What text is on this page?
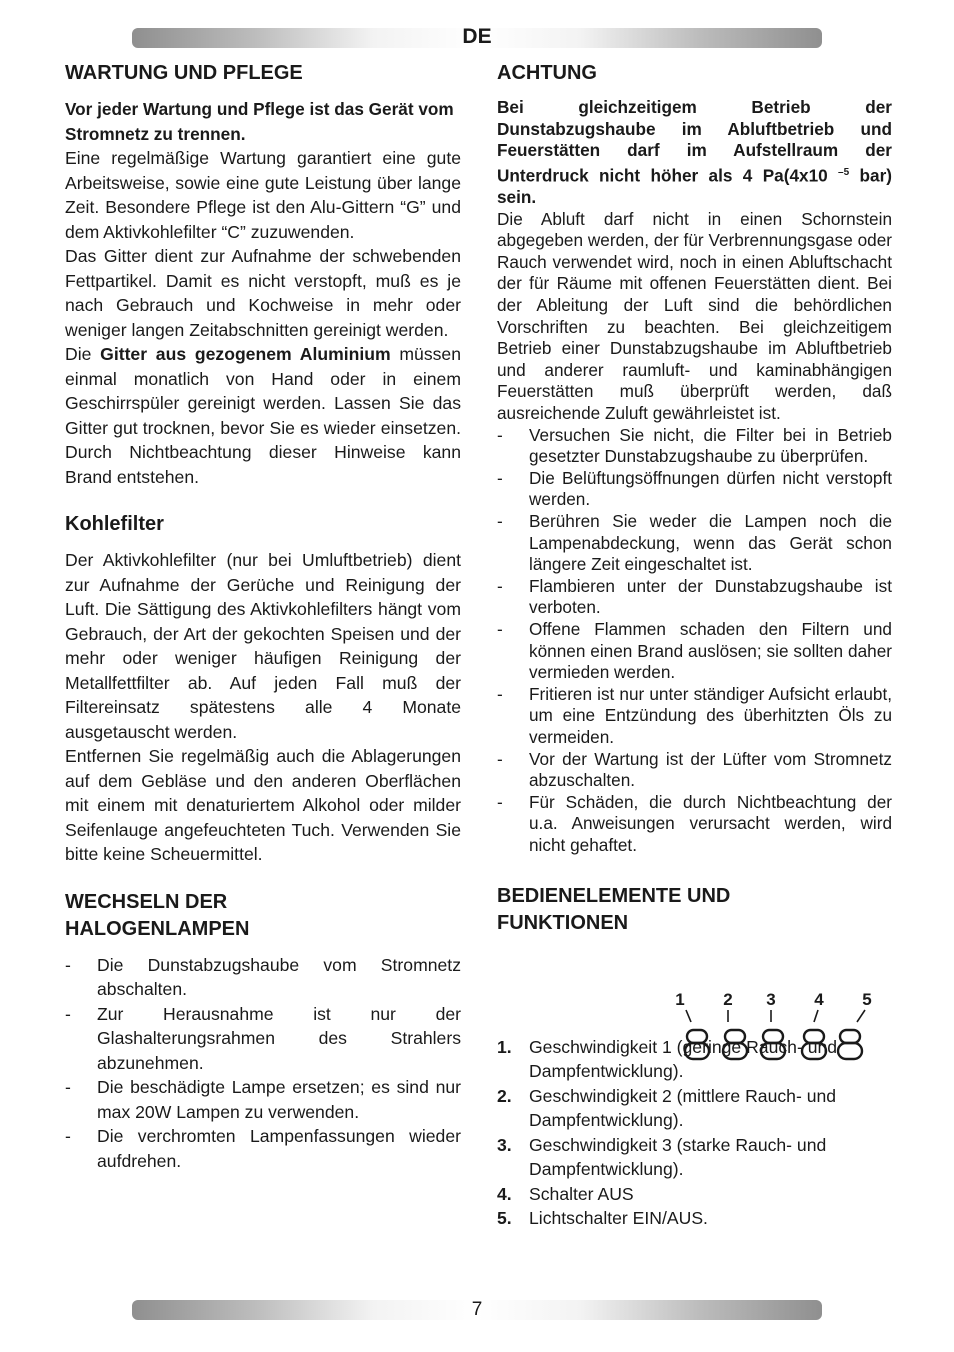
DE
WARTUNG UND PFLEGE

Vor jeder Wartung und Pflege ist das Gerät vom Stromnetz zu trennen.

Eine regelmäßige Wartung garantiert eine gute Arbeitsweise, sowie eine gute Leistung über lange Zeit. Besondere Pflege ist den Alu-Gittern “G” und dem Aktivkohlefilter “C” zuzuwenden.

Das Gitter dient zur Aufnahme der schwebenden Fettpartikel. Damit es nicht verstopft, muß es je nach Gebrauch und Kochweise in mehr oder weniger langen Zeitabschnitten gereinigt werden.

Die Gitter aus gezogenem Aluminium müssen einmal monatlich von Hand oder in einem Geschirrspüler gereinigt werden. Lassen Sie das Gitter gut trocknen, bevor Sie es wieder einsetzen. Durch Nichtbeachtung dieser Hinweise kann Brand entstehen.

Kohlefilter

Der Aktivkohlefilter (nur bei Umluftbetrieb) dient zur Aufnahme der Gerüche und Reinigung der Luft. Die Sättigung des Aktivkohlefilters hängt vom Gebrauch, der Art der gekochten Speisen und der mehr oder weniger häufigen Reinigung der Metallfettfilter ab. Auf jeden Fall muß der Filtereinsatz spätestens alle 4 Monate ausgetauscht werden.

Entfernen Sie regelmäßig auch die Ablagerungen auf dem Gebläse und den anderen Oberflächen mit einem mit denaturiertem Alkohol oder milder Seifenlauge angefeuchteten Tuch. Verwenden Sie bitte keine Scheuermittel.

WECHSELN DER HALOGENLAMPEN
- Die Dunstabzugshaube vom Stromnetz abschalten.
- Zur Herausnahme ist nur der Glashalterungsrahmen des Strahlers abzunehmen.
- Die beschädigte Lampe ersetzen; es sind nur max 20W Lampen zu verwenden.
- Die verchromten Lampenfassungen wieder aufdrehen.
ACHTUNG

Bei gleichzeitigem Betrieb der Dunstabzugshaube im Abluftbetrieb und Feuerstätten darf im Aufstellraum der Unterdruck nicht höher als 4 Pa(4x10 $^{-5}$ bar) sein.

Die Abluft darf nicht in einen Schornstein abgegeben werden, der für Verbrennungsgase oder Rauch verwendet wird, noch in einen Abluftschacht der für Räume mit offenen Feuerstätten dient. Bei der Ableitung der Luft sind die behördlichen Vorschriften zu beachten. Bei gleichzeitigem Betrieb einer Dunstabzugshaube im Abluftbetrieb und anderer raumluft- und kaminabhängigen Feuerstätten muß überprüft werden, daß ausreichende Zuluft gewährleistet ist.

- Versuchen Sie nicht, die Filter bei in Betrieb gesetzter Dunstabzugshaube zu überprüfen.
- Die Belüftungsöffnungen dürfen nicht verstopft werden.
- Berühren Sie weder die Lampen noch die Lampenabdeckung, wenn das Gerät schon längere Zeit eingeschaltet ist.
- Flambieren unter der Dunstabzugshaube ist verboten.
- Offene Flammen schaden den Filtern und können einen Brand auslösen; sie sollten daher vermieden werden.
- Fritieren ist nur unter ständiger Aufsicht erlaubt, um eine Entzündung des überhitzten Öls zu vermeiden.
- Vor der Wartung ist der Lüfter vom Stromnetz abzuschalten.
- Für Schäden, die durch Nichtbeachtung der u.a. Anweisungen verursacht werden, wird nicht gehaftet.
BEDIENELEMENTE UND
FUNKTIONEN
1. Geschwindigkeit 1 (geringe Rauch- und Dampfentwicklung).
2. Geschwindigkeit 2 (mittlere Rauch- und Dampfentwicklung).
3. Geschwindigkeit 3 (starke Rauch- und Dampfentwicklung).
4. Schalter AUS
5. Lichtschalter EIN/AUS.
1 2 3 4 5
7
